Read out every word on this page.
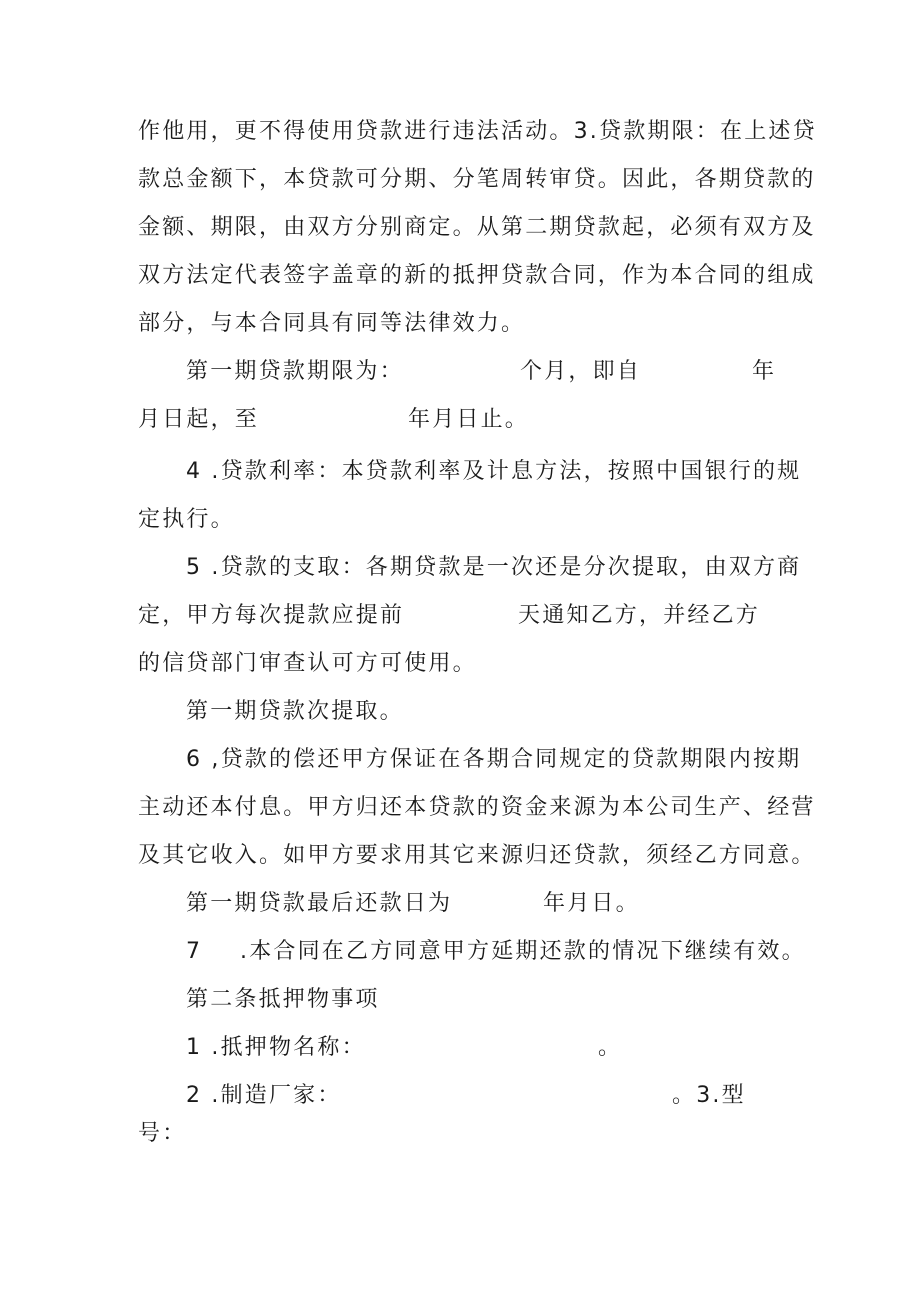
作他用，更不得使用贷款进行违法活动。3.贷款期限：在上述贷
款总金额下，本贷款可分期、分笔周转审贷。因此，各期贷款的
金额、期限，由双方分别商定。从第二期贷款起，必须有双方及
双方法定代表签字盖章的新的抵押贷款合同，作为本合同的组成
部分，与本合同具有同等法律效力。
第一期贷款期限为：	个月，即自	年
月日起，至	年月日止。
4 .贷款利率：本贷款利率及计息方法，按照中国银行的规
定执行。
5 .贷款的支取：各期贷款是一次还是分次提取，由双方商
定，甲方每次提款应提前	天通知乙方，并经乙方
的信贷部门审查认可方可使用。
第一期贷款次提取。
6 ,贷款的偿还甲方保证在各期合同规定的贷款期限内按期
主动还本付息。甲方归还本贷款的资金来源为本公司生产、经营
及其它收入。如甲方要求用其它来源归还贷款，须经乙方同意。
第一期贷款最后还款日为	年月日。
7 .本合同在乙方同意甲方延期还款的情况下继续有效。
第二条抵押物事项
1 .抵押物名称：	。
2 .制造厂家：	。3.型
号：
